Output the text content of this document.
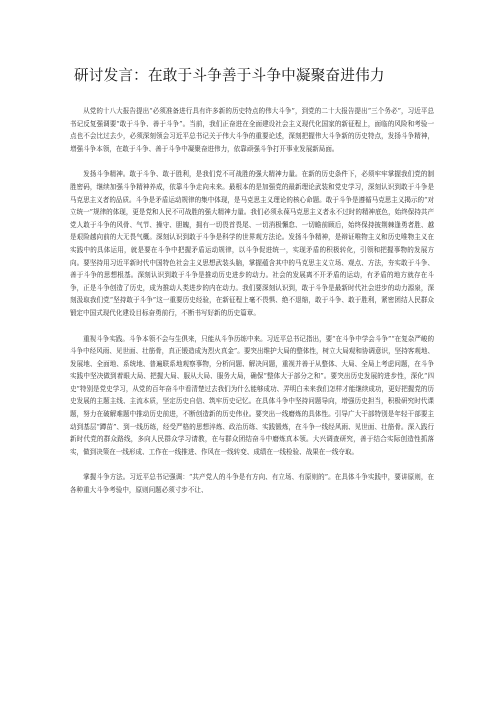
研讨发言：在敢于斗争善于斗争中凝聚奋进伟力

从党的十八大报告提出“必须准备进行具有许多新的历史特点的伟大斗争”，到党的二十大报告提出“三个务必”，习近平总书记反复强调要“敢于斗争、善于斗争”。当前，我们正奋进在全面建设社会主义现代化国家的新征程上，面临的风险和考验一点也不会比过去少，必须深刻领会习近平总书记关于伟大斗争的重要论述，深刻把握伟大斗争新的历史特点，发扬斗争精神，增强斗争本领，在敢于斗争、善于斗争中凝聚奋进伟力，依靠顽强斗争打开事业发展新局面。

发扬斗争精神。敢于斗争、敢于胜利，是我们党不可战胜的强大精神力量。在新的历史条件下，必须牢牢掌握我们党的制胜密码，继续加强斗争精神养成，依靠斗争走向未来。最根本的是加强党的最新理论武装和党史学习，深刻认识到敢于斗争是马克思主义者的品质。斗争是矛盾运动规律的集中体现，是马克思主义理论的核心命题。敢于斗争是遵循马克思主义揭示的“对立统一”规律的体现，更是党和人民不可战胜的强大精神力量。我们必须永葆马克思主义者永不过时的精神底色，始终保持共产党人敢于斗争的风骨、气节、操守、胆魄，拥有一切畏首畏尾、一切消极懈怠、一切瞻前顾后，始终保持披荆棘逢勇者胜、越是艰险越向前的大无畏气概。深刻认识到敢于斗争是科学的世界观方法论。发扬斗争精神，是辩证唯物主义和历史唯物主义在实践中的具体运用，就是要在斗争中把握矛盾运动规律，以斗争促进统一，实现矛盾的积极转化，引领和把握事物的发展方向。要坚持用习近平新时代中国特色社会主义思想武装头脑，掌握蕴含其中的马克思主义立场、观点、方法，夯实敢于斗争、善于斗争的思想根基。深刻认识到敢于斗争是推动历史进步的动力。社会的发展离不开矛盾的运动，有矛盾的地方就存在斗争，正是斗争创造了历史，成为推动人类进步的内在动力。我们要深刻认识到，敢于斗争是最新时代社会进步的动力源泉，深刻汲取我们党“坚持敢于斗争”这一重要历史经验，在新征程上毫不畏惧、绝不退缩，敢于斗争、敢于胜利，紧密团结人民群众锻定中国式现代化建设目标奋勇前行，不断书写好新的历史篇章。

重视斗争实践。斗争本领不会与生俱来，只能从斗争历练中来。习近平总书记指出，要“在斗争中学会斗争”“在复杂严峻的斗争中经风雨、见世面、壮筋骨，真正锻造成为烈火真金”。要突出维护大局的整体性，树立大局观和协调意识，坚持客观地、发展地、全面地、系统地、普遍联系地观察事物，分析问题、解决问题，重视并善于从整体、大局、全局上考虑问题，在斗争实践中坚决做到着眼大局、把握大局、服从大局、服务大局，确保“整体大于部分之和”。要突出历史发展的进步性，深化“四史”特别是党史学习，从党的百年奋斗中看清楚过去我们为什么能够成功、弄明白未来我们怎样才能继续成功，更好把握党的历史发展的主题主线、主流本质，坚定历史自信、筑牢历史记忆。在具体斗争中坚持问题导向，增强历史担当，积极研究时代课题，努力在破解难题中推动历史前进，不断创造新的历史伟业。要突出一线磨炼的具体性。引导广大干部特别是年轻干部要主动到基层“蹲苗”、到一线历练，经受严格的思想淬炼、政治历练、实践锻炼，在斗争一线经风雨、见世面、壮筋骨。深入践行新时代党的群众路线，多向人民群众学习请教，在与群众团结奋斗中磨炼真本领。大兴调查研究，善于结合实际创造性抓落实，做到决策在一线形成、工作在一线推进、作风在一线转变、成绩在一线检验、战果在一线夺取。

掌握斗争方法。习近平总书记强调：“共产党人的斗争是有方向、有立场、有原则的”。在具体斗争实践中，要讲原则，在各种重大斗争考验中，原则问题必须寸步不让、
